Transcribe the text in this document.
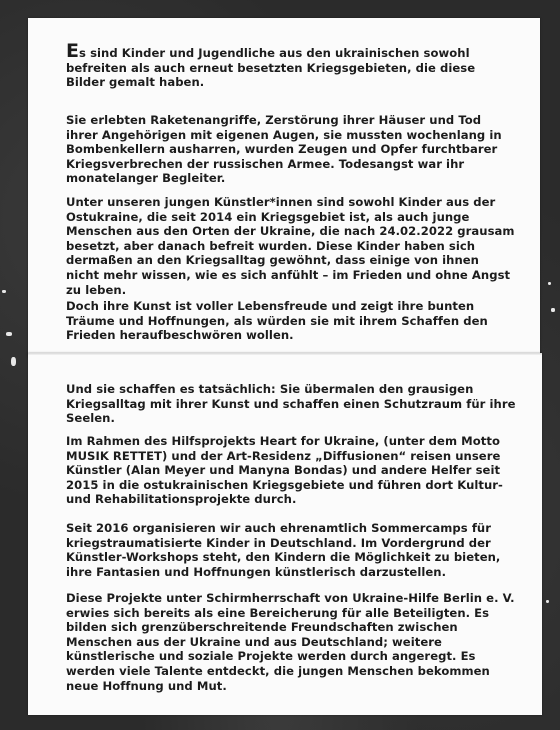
Es sind Kinder und Jugendliche aus den ukrainischen sowohl befreiten als auch erneut besetzten Kriegsgebieten, die diese Bilder gemalt haben.

Sie erlebten Raketenangriffe, Zerstörung ihrer Häuser und Tod ihrer Angehörigen mit eigenen Augen, sie mussten wochenlang in Bombenkellern ausharren, wurden Zeugen und Opfer furchtbarer Kriegsverbrechen der russischen Armee. Todesangst war ihr monatelanger Begleiter.

Unter unseren jungen Künstler*innen sind sowohl Kinder aus der Ostukraine, die seit 2014 ein Kriegsgebiet ist, als auch junge Menschen aus den Orten der Ukraine, die nach 24.02.2022 grausam besetzt, aber danach befreit wurden. Diese Kinder haben sich dermaßen an den Kriegsalltag gewöhnt, dass einige von ihnen nicht mehr wissen, wie es sich anfühlt – im Frieden und ohne Angst zu leben.

Doch ihre Kunst ist voller Lebensfreude und zeigt ihre bunten Träume und Hoffnungen, als würden sie mit ihrem Schaffen den Frieden heraufbeschwören wollen.

Und sie schaffen es tatsächlich: Sie übermalen den grausigen Kriegsalltag mit ihrer Kunst und schaffen einen Schutzraum für ihre Seelen.

Im Rahmen des Hilfsprojekts Heart for Ukraine, (unter dem Motto MUSIK RETTET) und der Art-Residenz „Diffusionen“ reisen unsere Künstler (Alan Meyer und Manyna Bondas) und andere Helfer seit 2015 in die ostukrainischen Kriegsgebiete und führen dort Kultur- und Rehabilitationsprojekte durch.

Seit 2016 organisieren wir auch ehrenamtlich Sommercamps für kriegstraumatisierte Kinder in Deutschland. Im Vordergrund der Künstler-Workshops steht, den Kindern die Möglichkeit zu bieten, ihre Fantasien und Hoffnungen künstlerisch darzustellen.

Diese Projekte unter Schirmherrschaft von Ukraine-Hilfe Berlin e. V. erwies sich bereits als eine Bereicherung für alle Beteiligten. Es bilden sich grenzüberschreitende Freundschaften zwischen Menschen aus der Ukraine und aus Deutschland; weitere künstlerische und soziale Projekte werden durch angeregt. Es werden viele Talente entdeckt, die jungen Menschen bekommen neue Hoffnung und Mut.
